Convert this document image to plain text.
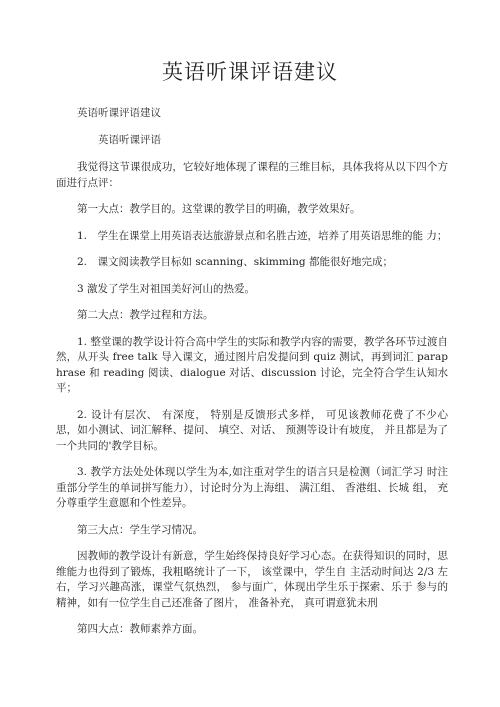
英语听课评语建议

英语听课评语建议

英语听课评语

我觉得这节课很成功，它较好地体现了课程的三维目标，具体我将从以下四个方面进行点评：

第一大点：教学目的。这堂课的教学目的明确，教学效果好。

1.　学生在课堂上用英语表达旅游景点和名胜古迹，培养了用英语思维的能 力；

2.　课文阅读教学目标如 scanning、skimming 都能很好地完成；

3 激发了学生对祖国美好河山的热爱。

第二大点：教学过程和方法。

1. 整堂课的教学设计符合高中学生的实际和教学内容的需要，教学各环节过渡自然，从开头 free talk 导入课文，通过图片启发提问到 quiz 测试，再到词汇 paraphrase 和 reading 阅读、dialogue 对话、discussion 讨论，完全符合学生认知水平；

2. 设计有层次、 有深度， 特别是反馈形式多样， 可见该教师花费了不少心 思，如小测试、词汇解释、提问、 填空、对话、 预测等设计有坡度， 并且都是为了 一个共同的'教学目标。

3. 教学方法处处体现以学生为本,如注重对学生的语言只是检测（词汇学习 时注重部分学生的单词拼写能力），讨论时分为上海组、 满江组、 香港组、长城 组， 充分尊重学生意愿和个性差异。

第三大点：学生学习情况。

因教师的教学设计有新意，学生始终保持良好学习心态。在获得知识的同时，思维能力也得到了锻炼，我粗略统计了一下， 该堂课中，学生自 主活动时间达 2/3 左右，学习兴趣高涨，课堂气氛热烈， 参与面广，体现出学生乐于探索、乐于 参与的精神，如有一位学生自己还准备了图片， 准备补充， 真可谓意犹未刑

第四大点：教师素养方面。
